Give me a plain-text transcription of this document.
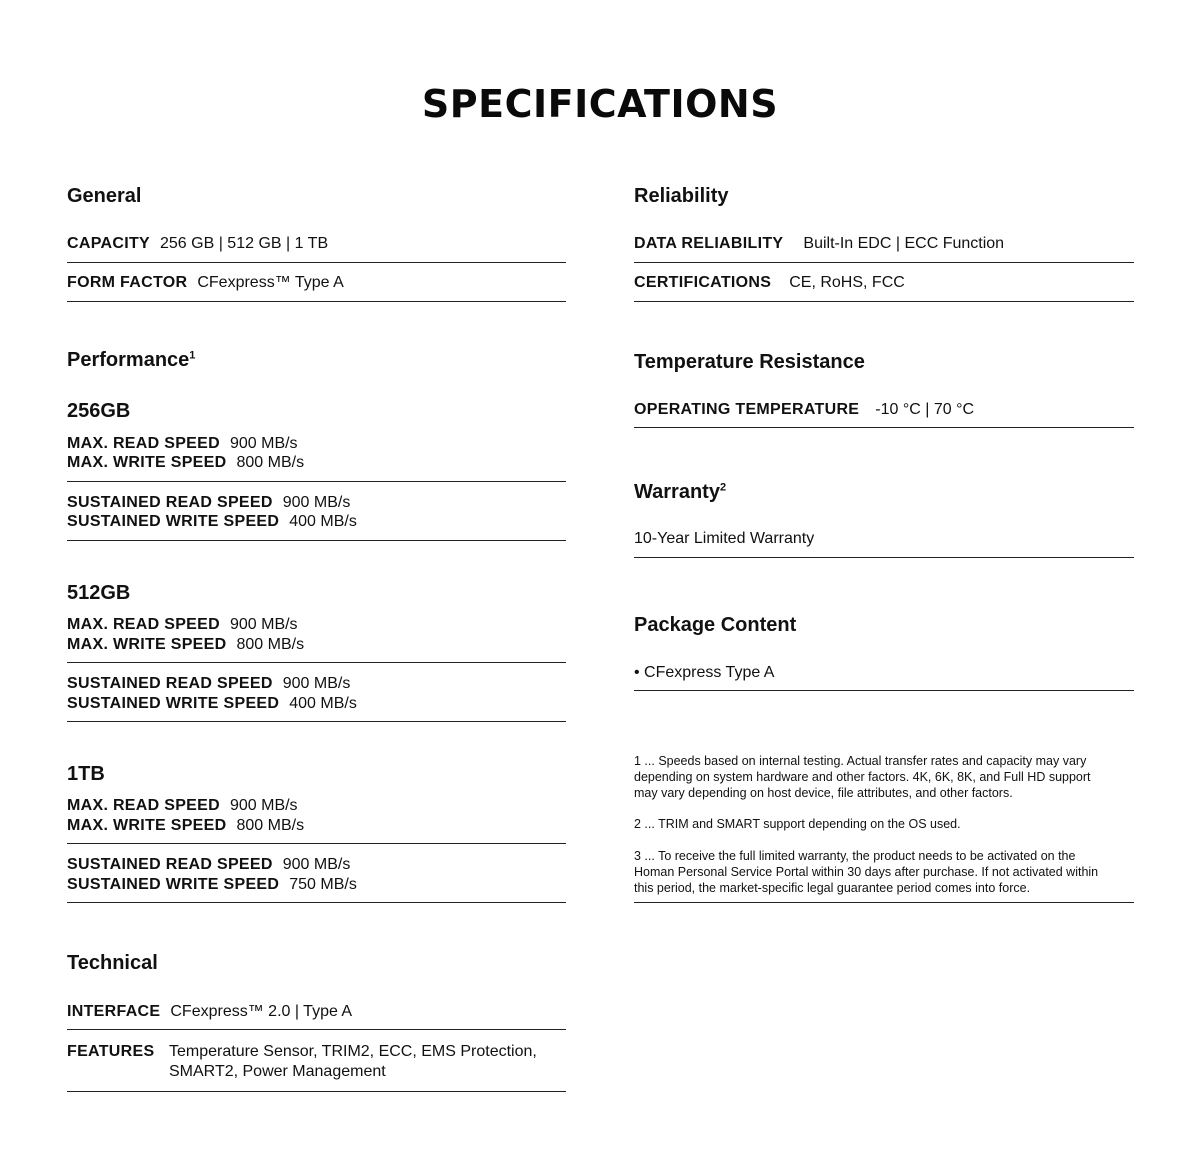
SPECIFICATIONS
General
CAPACITY 256 GB | 512 GB | 1 TB
FORM FACTOR CFexpress™ Type A
Performance$^1$
256GB
MAX. READ SPEED 900 MB/s
MAX. WRITE SPEED 800 MB/s
SUSTAINED READ SPEED 900 MB/s
SUSTAINED WRITE SPEED 400 MB/s
512GB
MAX. READ SPEED 900 MB/s
MAX. WRITE SPEED 800 MB/s
SUSTAINED READ SPEED 900 MB/s
SUSTAINED WRITE SPEED 400 MB/s
1TB
MAX. READ SPEED 900 MB/s
MAX. WRITE SPEED 800 MB/s
SUSTAINED READ SPEED 900 MB/s
SUSTAINED WRITE SPEED 750 MB/s
Technical
INTERFACE CFexpress™ 2.0 | Type A
FEATURES Temperature Sensor, TRIM2, ECC, EMS Protection,
SMART2, Power Management
Reliability
DATA RELIABILITY Built-In EDC | ECC Function
CERTIFICATIONS CE, RoHS, FCC
Temperature Resistance
OPERATING TEMPERATURE -10 °C | 70 °C
Warranty$^2$
10-Year Limited Warranty
Package Content
• CFexpress Type A
1 ... Speeds based on internal testing. Actual transfer rates and capacity may vary
depending on system hardware and other factors. 4K, 6K, 8K, and Full HD support
may vary depending on host device, file attributes, and other factors.
2 ... TRIM and SMART support depending on the OS used.
3 ... To receive the full limited warranty, the product needs to be activated on the
Homan Personal Service Portal within 30 days after purchase. If not activated within
this period, the market-specific legal guarantee period comes into force.
